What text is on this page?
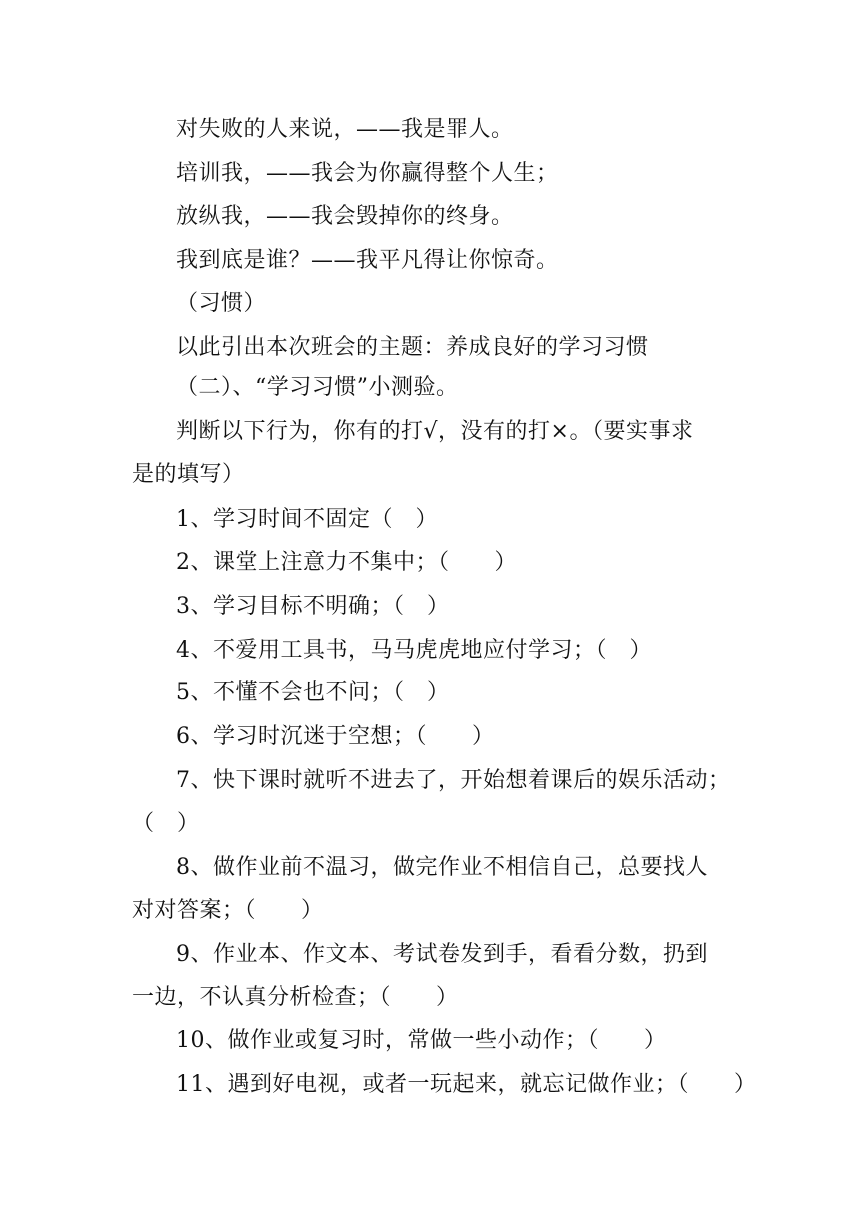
对失败的人来说，——我是罪人。
培训我，——我会为你赢得整个人生；
放纵我，——我会毁掉你的终身。
我到底是谁？——我平凡得让你惊奇。
（习惯）
以此引出本次班会的主题：养成良好的学习习惯
（二）、“学习习惯”小测验。
判断以下行为，你有的打√，没有的打×。（要实事求
是的填写）
1、学习时间不固定（　）
2、课堂上注意力不集中；（　　）
3、学习目标不明确；（　）
4、不爱用工具书，马马虎虎地应付学习；（　）
5、不懂不会也不问；（　）
6、学习时沉迷于空想；（　　）
7、快下课时就听不进去了，开始想着课后的娱乐活动；
（　）
8、做作业前不温习，做完作业不相信自己，总要找人
对对答案；（　　）
9、作业本、作文本、考试卷发到手，看看分数，扔到
一边，不认真分析检查；（　　）
10、做作业或复习时，常做一些小动作；（　　）
11、遇到好电视，或者一玩起来，就忘记做作业；（　　）
